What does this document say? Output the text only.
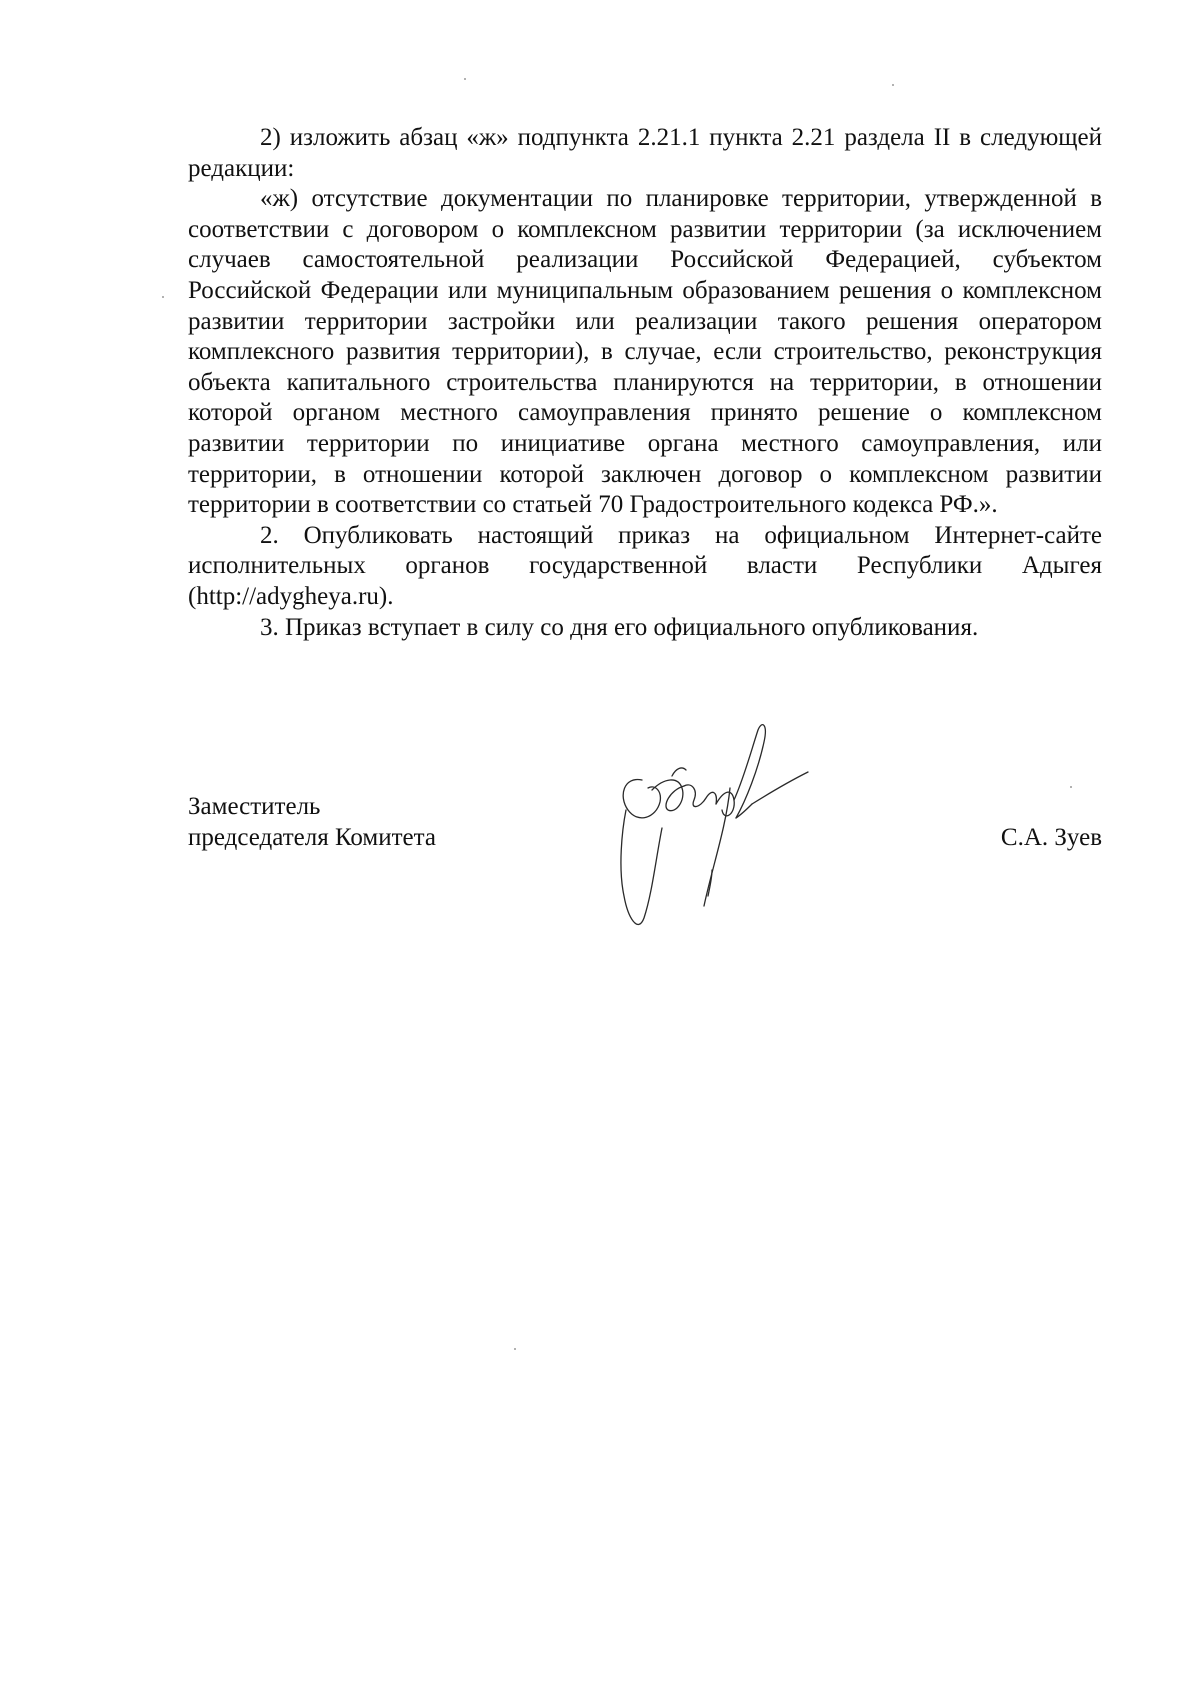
2) изложить абзац «ж» подпункта 2.21.1 пункта 2.21 раздела II в следующей редакции:

«ж) отсутствие документации по планировке территории, утвержденной в соответствии с договором о комплексном развитии территории (за исключением случаев самостоятельной реализации Российской Федерацией, субъектом Российской Федерации или муниципальным образованием решения о комплексном развитии территории застройки или реализации такого решения оператором комплексного развития территории), в случае, если строительство, реконструкция объекта капитального строительства планируются на территории, в отношении которой органом местного самоуправления принято решение о комплексном развитии территории по инициативе органа местного самоуправления, или территории, в отношении которой заключен договор о комплексном развитии территории в соответствии со статьей 70 Градостроительного кодекса РФ.».

2. Опубликовать настоящий приказ на официальном Интернет-сайте исполнительных органов государственной власти Республики Адыгея (http://adygheya.ru).

3. Приказ вступает в силу со дня его официального опубликования.

Заместитель
председателя Комитета	С.А. Зуев
